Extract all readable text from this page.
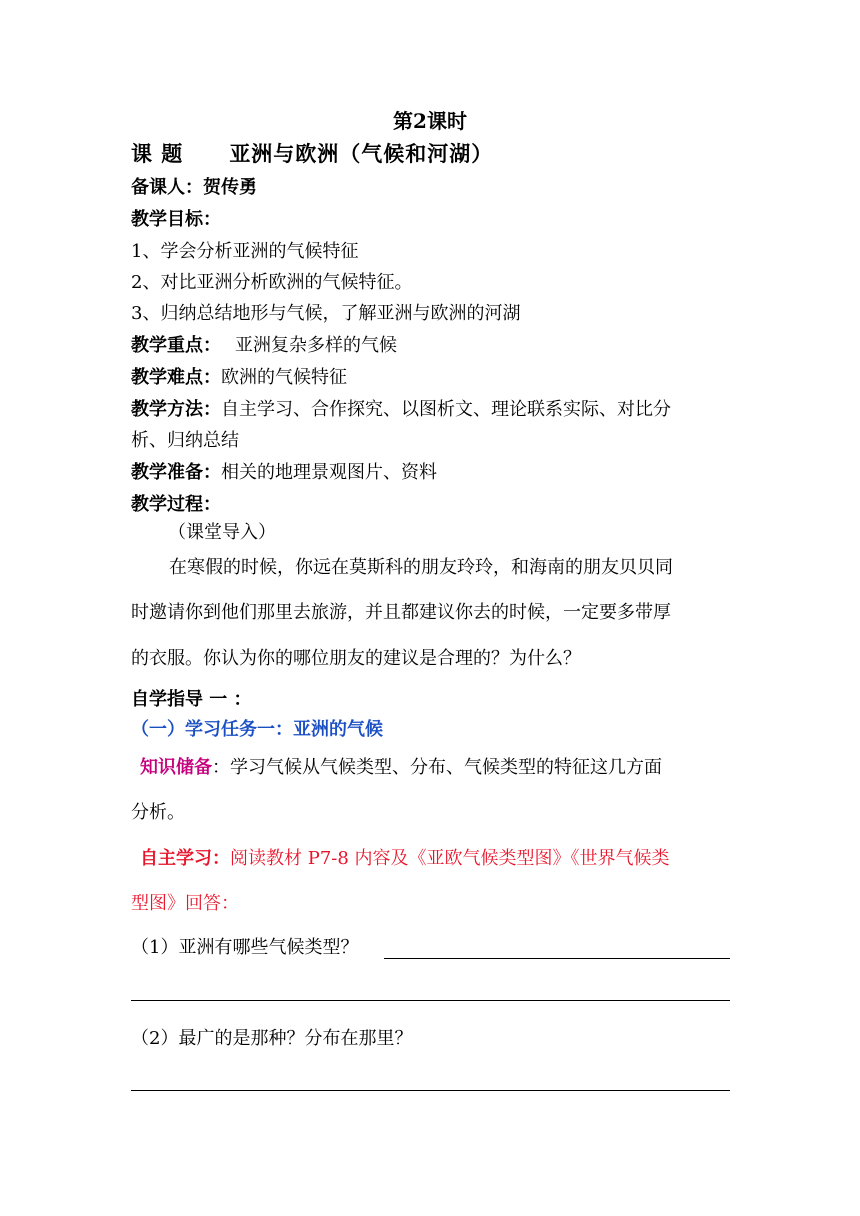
第2课时
课 题 亚洲与欧洲（气候和河湖）
备课人：贺传勇
教学目标：
1、学会分析亚洲的气候特征
2、对比亚洲分析欧洲的气候特征。
3、归纳总结地形与气候，了解亚洲与欧洲的河湖
教学重点： 亚洲复杂多样的气候
教学难点：欧洲的气候特征
教学方法：自主学习、合作探究、以图析文、理论联系实际、对比分
析、归纳总结
教学准备：相关的地理景观图片、资料
教学过程：
（课堂导入）
在寒假的时候，你远在莫斯科的朋友玲玲，和海南的朋友贝贝同
时邀请你到他们那里去旅游，并且都建议你去的时候，一定要多带厚
的衣服。你认为你的哪位朋友的建议是合理的？为什么？
自学指导 一 ：
（一）学习任务一：亚洲的气候
知识储备：学习气候从气候类型、分布、气候类型的特征这几方面
分析。
自主学习：阅读教材 P7-8 内容及《亚欧气候类型图》《世界气候类
型图》回答：
（1）亚洲有哪些气候类型？
（2）最广的是那种？分布在那里？
